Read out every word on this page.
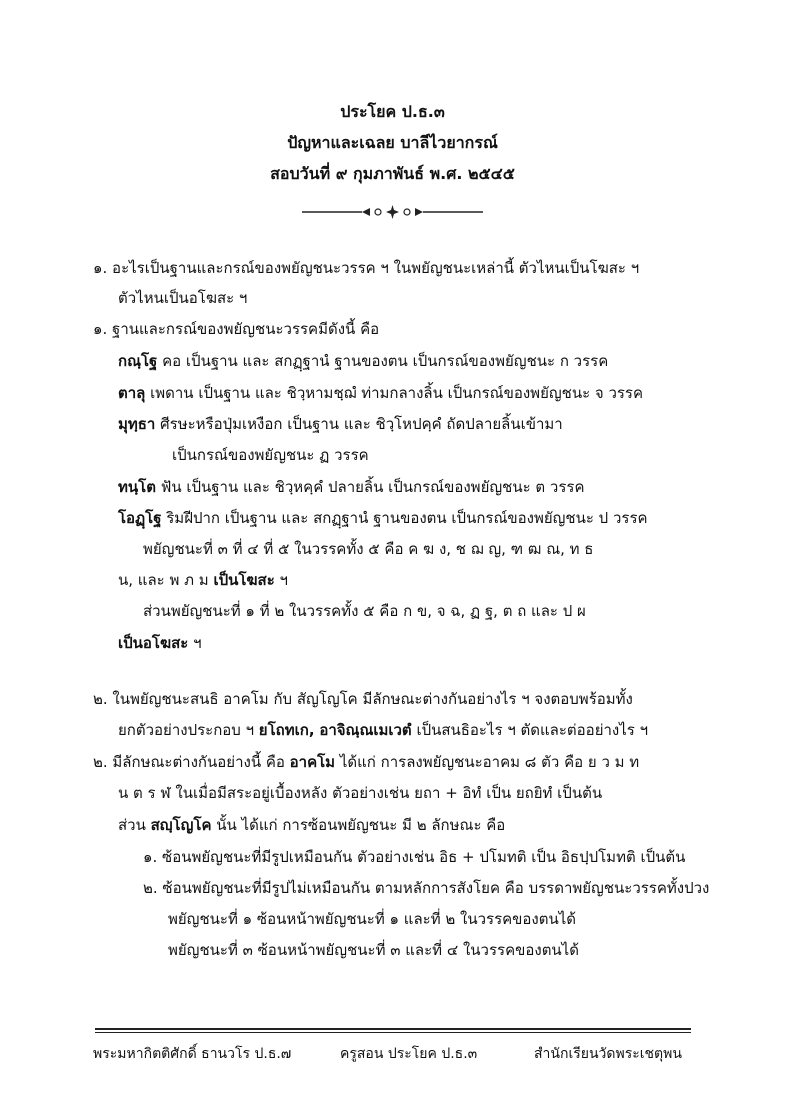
ประโยค ป.ธ.๓
ปัญหาและเฉลย บาลีไวยากรณ์
สอบวันที่ ๙ กุมภาพันธ์ พ.ศ. ๒๕๔๕
๑. อะไรเป็นฐานและกรณ์ของพยัญชนะวรรค ฯ ในพยัญชนะเหล่านี้ ตัวไหนเป็นโฆสะ ฯ
ตัวไหนเป็นอโฆสะ ฯ
๑. ฐานและกรณ์ของพยัญชนะวรรคมีดังนี้ คือ
กณฺโฐ คอ เป็นฐาน และ สกฏฺฐานํ ฐานของตน เป็นกรณ์ของพยัญชนะ ก วรรค
ตาลุ เพดาน เป็นฐาน และ ชิวฺหามชฺฌํ ท่ามกลางลิ้น เป็นกรณ์ของพยัญชนะ จ วรรค
มุทฺธา ศีรษะหรือปุ่มเหงือก เป็นฐาน และ ชิวฺโหปคฺคํ ถัดปลายลิ้นเข้ามา
เป็นกรณ์ของพยัญชนะ ฏ วรรค
ทนฺโต ฟัน เป็นฐาน และ ชิวฺหคฺคํ ปลายลิ้น เป็นกรณ์ของพยัญชนะ ต วรรค
โอฏฺโฐ ริมฝีปาก เป็นฐาน และ สกฏฺฐานํ ฐานของตน เป็นกรณ์ของพยัญชนะ ป วรรค
พยัญชนะที่ ๓ ที่ ๔ ที่ ๕ ในวรรคทั้ง ๕ คือ ค ฆ ง, ช ฌ ญ, ฑ ฒ ณ, ท ธ
น, และ พ ภ ม เป็นโฆสะ ฯ
ส่วนพยัญชนะที่ ๑ ที่ ๒ ในวรรคทั้ง ๕ คือ ก ข, จ ฉ, ฏ ฐ, ต ถ และ ป ผ
เป็นอโฆสะ ฯ
๒. ในพยัญชนะสนธิ อาคโม กับ สัญโญโค มีลักษณะต่างกันอย่างไร ฯ จงตอบพร้อมทั้ง
ยกตัวอย่างประกอบ ฯ ยโถทเก, อาจิณฺณเมเวตํ เป็นสนธิอะไร ฯ ตัดและต่ออย่างไร ฯ
๒. มีลักษณะต่างกันอย่างนี้ คือ อาคโม ได้แก่ การลงพยัญชนะอาคม ๘ ตัว คือ ย ว ม ท
น ต ร ฬ ในเมื่อมีสระอยู่เบื้องหลัง ตัวอย่างเช่น ยถา + อิทํ เป็น ยถยิทํ เป็นต้น
ส่วน สญฺโญโค นั้น ได้แก่ การซ้อนพยัญชนะ มี ๒ ลักษณะ คือ
๑. ซ้อนพยัญชนะที่มีรูปเหมือนกัน ตัวอย่างเช่น อิธ + ปโมทติ เป็น อิธปฺปโมทติ เป็นต้น
๒. ซ้อนพยัญชนะที่มีรูปไม่เหมือนกัน ตามหลักการสังโยค คือ บรรดาพยัญชนะวรรคทั้งปวง
พยัญชนะที่ ๑ ซ้อนหน้าพยัญชนะที่ ๑ และที่ ๒ ในวรรคของตนได้
พยัญชนะที่ ๓ ซ้อนหน้าพยัญชนะที่ ๓ และที่ ๔ ในวรรคของตนได้
พระมหากิตติศักดิ์ ธานวโร ป.ธ.๗	ครูสอน ประโยค ป.ธ.๓	สำนักเรียนวัดพระเชตุพน
